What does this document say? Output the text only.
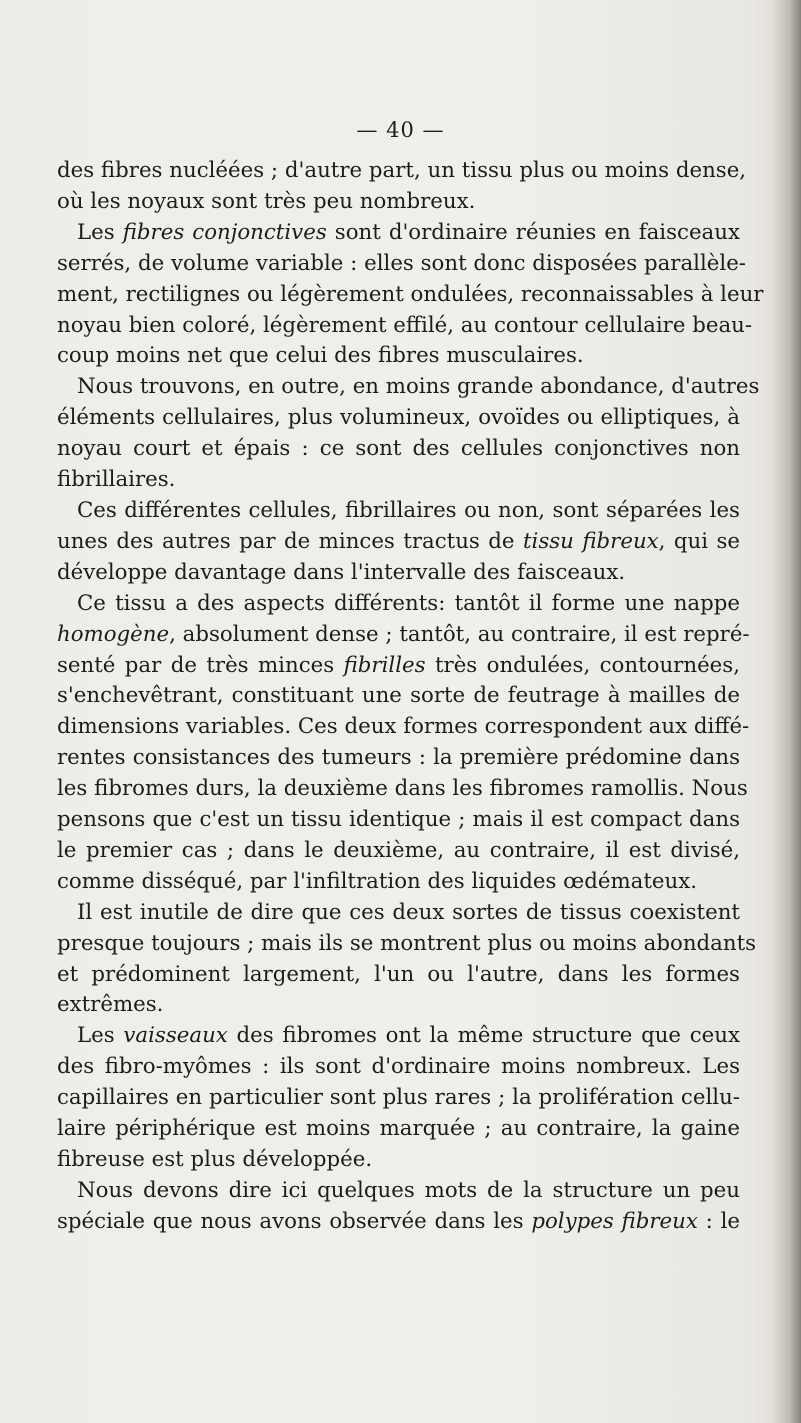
— 40 —
des fibres nucléées ; d'autre part, un tissu plus ou moins dense,
où les noyaux sont très peu nombreux.
Les fibres conjonctives sont d'ordinaire réunies en faisceaux
serrés, de volume variable : elles sont donc disposées parallèle-
ment, rectilignes ou légèrement ondulées, reconnaissables à leur
noyau bien coloré, légèrement effilé, au contour cellulaire beau-
coup moins net que celui des fibres musculaires.
Nous trouvons, en outre, en moins grande abondance, d'autres
éléments cellulaires, plus volumineux, ovoïdes ou elliptiques, à
noyau court et épais : ce sont des cellules conjonctives non
fibrillaires.
Ces différentes cellules, fibrillaires ou non, sont séparées les
unes des autres par de minces tractus de tissu fibreux, qui se
développe davantage dans l'intervalle des faisceaux.
Ce tissu a des aspects différents: tantôt il forme une nappe
homogène, absolument dense ; tantôt, au contraire, il est repré-
senté par de très minces fibrilles très ondulées, contournées,
s'enchevêtrant, constituant une sorte de feutrage à mailles de
dimensions variables. Ces deux formes correspondent aux diffé-
rentes consistances des tumeurs : la première prédomine dans
les fibromes durs, la deuxième dans les fibromes ramollis. Nous
pensons que c'est un tissu identique ; mais il est compact dans
le premier cas ; dans le deuxième, au contraire, il est divisé,
comme disséqué, par l'infiltration des liquides œdémateux.
Il est inutile de dire que ces deux sortes de tissus coexistent
presque toujours ; mais ils se montrent plus ou moins abondants
et prédominent largement, l'un ou l'autre, dans les formes
extrêmes.
Les vaisseaux des fibromes ont la même structure que ceux
des fibro-myômes : ils sont d'ordinaire moins nombreux. Les
capillaires en particulier sont plus rares ; la prolifération cellu-
laire périphérique est moins marquée ; au contraire, la gaine
fibreuse est plus développée.
Nous devons dire ici quelques mots de la structure un peu
spéciale que nous avons observée dans les polypes fibreux : le
